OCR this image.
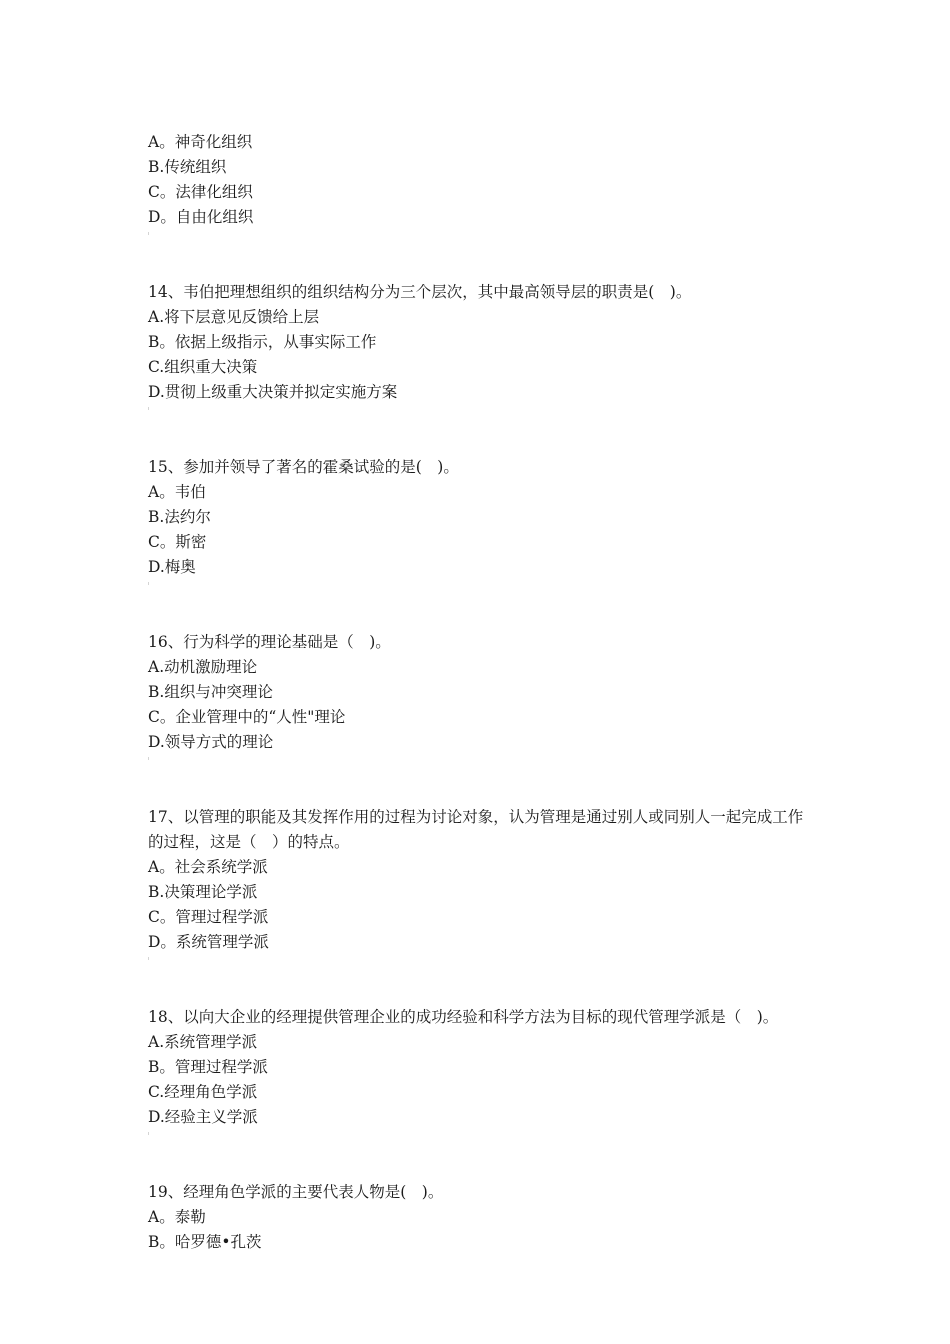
A。神奇化组织
B.传统组织
C。法律化组织
D。自由化组织
14、韦伯把理想组织的组织结构分为三个层次，其中最高领导层的职责是(　)。
A.将下层意见反馈给上层
B。依据上级指示，从事实际工作
C.组织重大决策
D.贯彻上级重大决策并拟定实施方案
15、参加并领导了著名的霍桑试验的是(　)。
A。韦伯
B.法约尔
C。斯密
D.梅奥
16、行为科学的理论基础是（　)。
A.动机激励理论
B.组织与冲突理论
C。企业管理中的“人性"理论
D.领导方式的理论
17、以管理的职能及其发挥作用的过程为讨论对象，认为管理是通过别人或同别人一起完成工作的过程，这是（　）的特点。
A。社会系统学派
B.决策理论学派
C。管理过程学派
D。系统管理学派
18、以向大企业的经理提供管理企业的成功经验和科学方法为目标的现代管理学派是（　)。
A.系统管理学派
B。管理过程学派
C.经理角色学派
D.经验主义学派
19、经理角色学派的主要代表人物是(　)。
A。泰勒
B。哈罗德•孔茨
